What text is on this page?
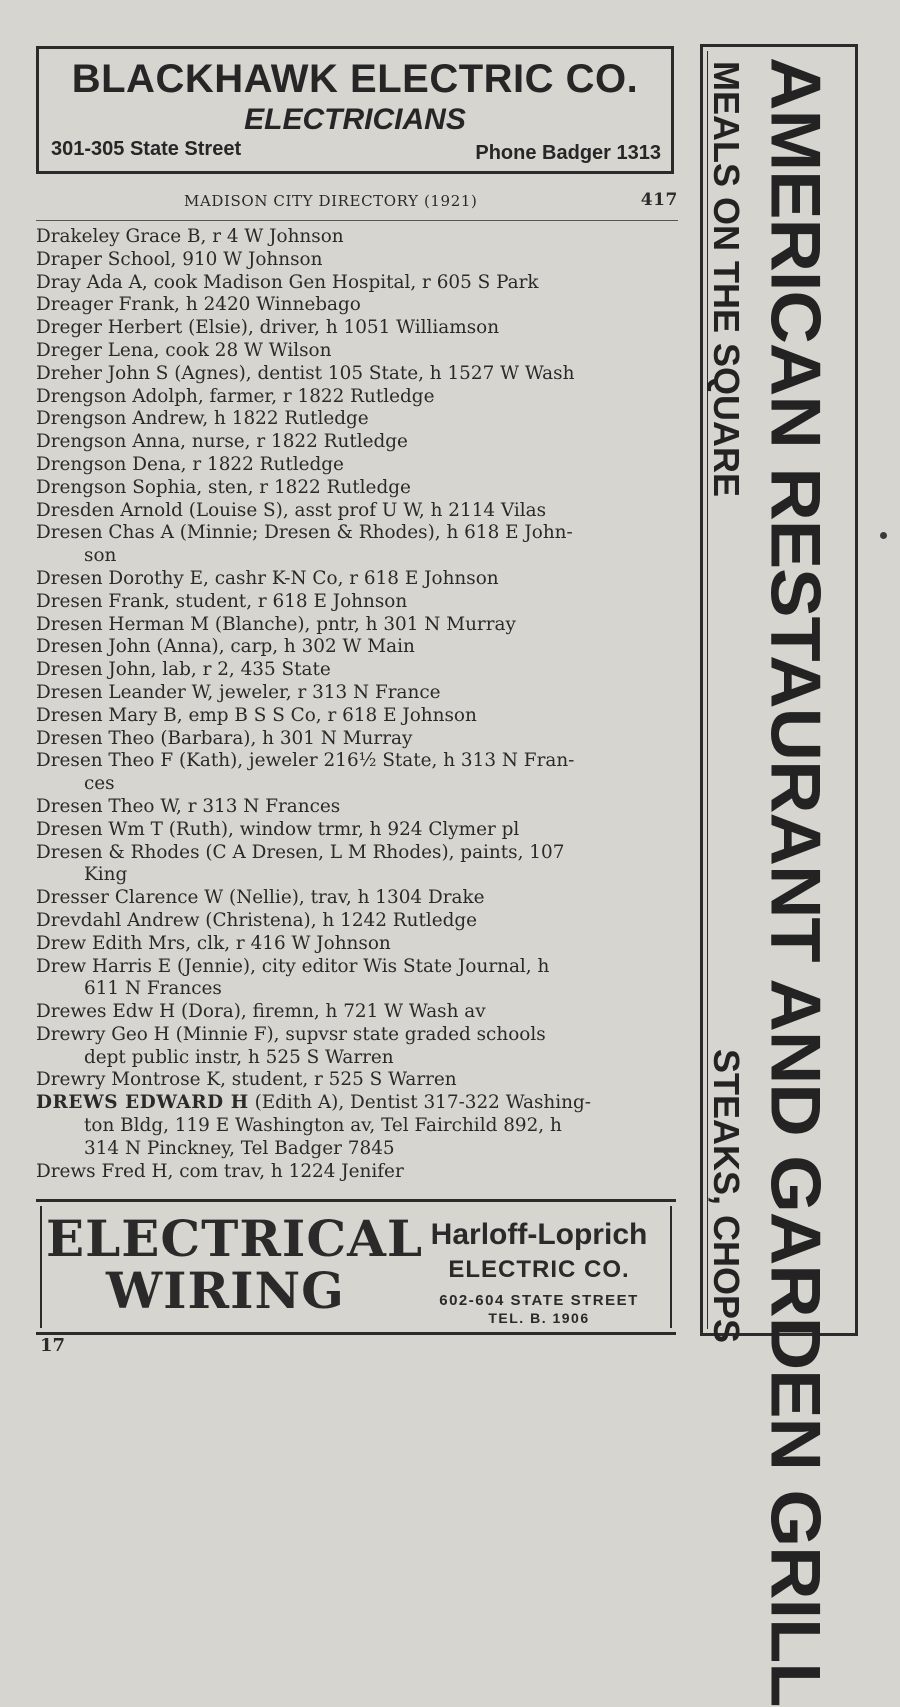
BLACKHAWK ELECTRIC CO.
ELECTRICIANS
301-305 State Street	Phone Badger 1313
MADISON CITY DIRECTORY (1921)	417
Drakeley Grace B, r 4 W Johnson
Draper School, 910 W Johnson
Dray Ada A, cook Madison Gen Hospital, r 605 S Park
Dreager Frank, h 2420 Winnebago
Dreger Herbert (Elsie), driver, h 1051 Williamson
Dreger Lena, cook 28 W Wilson
Dreher John S (Agnes), dentist 105 State, h 1527 W Wash
Drengson Adolph, farmer, r 1822 Rutledge
Drengson Andrew, h 1822 Rutledge
Drengson Anna, nurse, r 1822 Rutledge
Drengson Dena, r 1822 Rutledge
Drengson Sophia, sten, r 1822 Rutledge
Dresden Arnold (Louise S), asst prof U W, h 2114 Vilas
Dresen Chas A (Minnie; Dresen & Rhodes), h 618 E John-
son
Dresen Dorothy E, cashr K-N Co, r 618 E Johnson
Dresen Frank, student, r 618 E Johnson
Dresen Herman M (Blanche), pntr, h 301 N Murray
Dresen John (Anna), carp, h 302 W Main
Dresen John, lab, r 2, 435 State
Dresen Leander W, jeweler, r 313 N France
Dresen Mary B, emp B S S Co, r 618 E Johnson
Dresen Theo (Barbara), h 301 N Murray
Dresen Theo F (Kath), jeweler 216½ State, h 313 N Fran-
ces
Dresen Theo W, r 313 N Frances
Dresen Wm T (Ruth), window trmr, h 924 Clymer pl
Dresen & Rhodes (C A Dresen, L M Rhodes), paints, 107
King
Dresser Clarence W (Nellie), trav, h 1304 Drake
Drevdahl Andrew (Christena), h 1242 Rutledge
Drew Edith Mrs, clk, r 416 W Johnson
Drew Harris E (Jennie), city editor Wis State Journal, h
611 N Frances
Drewes Edw H (Dora), firemn, h 721 W Wash av
Drewry Geo H (Minnie F), supvsr state graded schools
dept public instr, h 525 S Warren
Drewry Montrose K, student, r 525 S Warren
DREWS EDWARD H (Edith A), Dentist 317-322 Washing-
ton Bldg, 119 E Washington av, Tel Fairchild 892, h
314 N Pinckney, Tel Badger 7845
Drews Fred H, com trav, h 1224 Jenifer
ELECTRICAL
WIRING
Harloff-Loprich
ELECTRIC CO.
602-604 STATE STREET
TEL. B. 1906
17
MEALS ON THE SQUARE AMERICAN RESTAURANT AND GARDEN GRILL
STEAKS, CHOPS
